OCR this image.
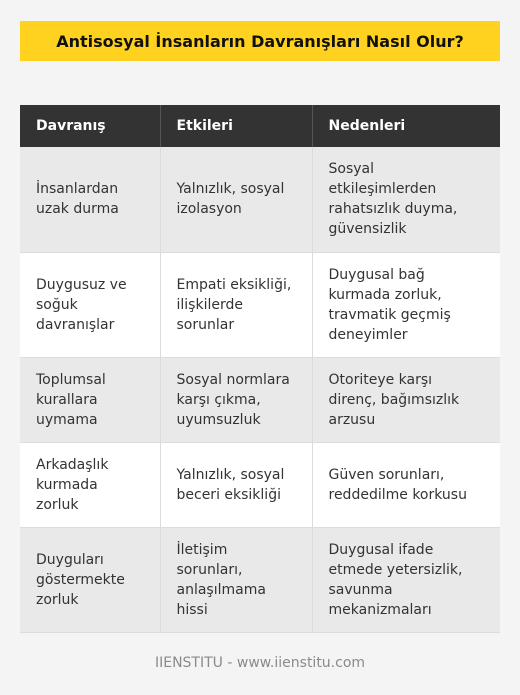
Antisosyal İnsanların Davranışları Nasıl Olur?
Davranış	Etkileri	Nedenleri
İnsanlardan uzak durma	Yalnızlık, sosyal izolasyon	Sosyal etkileşimlerden rahatsızlık duyma, güvensizlik
Duygusuz ve soğuk davranışlar	Empati eksikliği, ilişkilerde sorunlar	Duygusal bağ kurmada zorluk, travmatik geçmiş deneyimler
Toplumsal kurallara uymama	Sosyal normlara karşı çıkma, uyumsuzluk	Otoriteye karşı direnç, bağımsızlık arzusu
Arkadaşlık kurmada zorluk	Yalnızlık, sosyal beceri eksikliği	Güven sorunları, reddedilme korkusu
Duyguları göstermekte zorluk	İletişim sorunları, anlaşılmama hissi	Duygusal ifade etmede yetersizlik, savunma mekanizmaları
IIENSTITU - www.iienstitu.com
